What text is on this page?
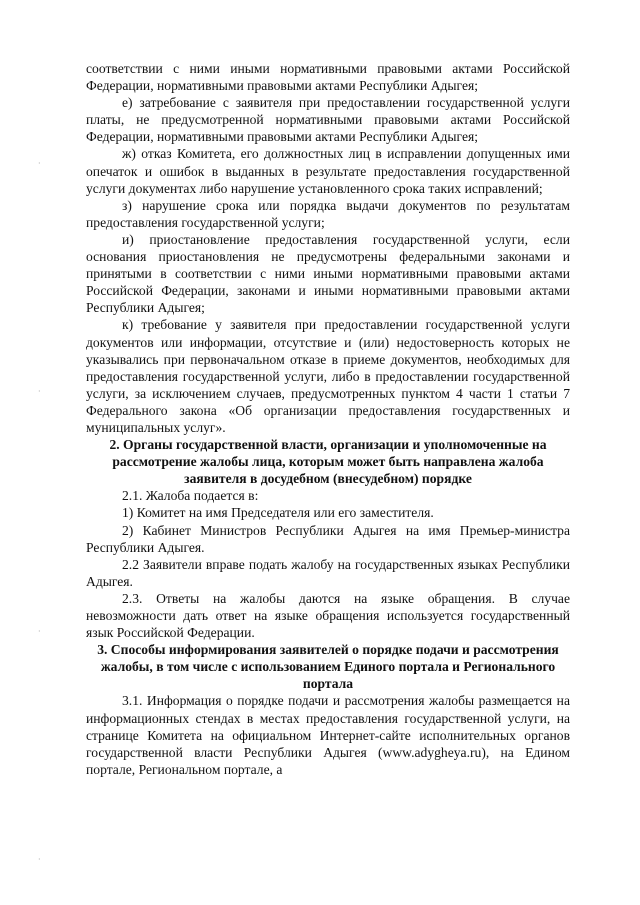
·
·
·
·

соответствии с ними иными нормативными правовыми актами Российской Федерации, нормативными правовыми актами Республики Адыгея;

е) затребование с заявителя при предоставлении государственной услуги платы, не предусмотренной нормативными правовыми актами Российской Федерации, нормативными правовыми актами Республики Адыгея;

ж) отказ Комитета, его должностных лиц в исправлении допущенных ими опечаток и ошибок в выданных в результате предоставления государственной услуги документах либо нарушение установленного срока таких исправлений;

з) нарушение срока или порядка выдачи документов по результатам предоставления государственной услуги;

и) приостановление предоставления государственной услуги, если основания приостановления не предусмотрены федеральными законами и принятыми в соответствии с ними иными нормативными правовыми актами Российской Федерации, законами и иными нормативными правовыми актами Республики Адыгея;

к) требование у заявителя при предоставлении государственной услуги документов или информации, отсутствие и (или) недостоверность которых не указывались при первоначальном отказе в приеме документов, необходимых для предоставления государственной услуги, либо в предоставлении государственной услуги, за исключением случаев, предусмотренных пунктом 4 части 1 статьи 7 Федерального закона «Об организации предоставления государственных и муниципальных услуг».

2. Органы государственной власти, организации и уполномоченные на рассмотрение жалобы лица, которым может быть направлена жалоба заявителя в досудебном (внесудебном) порядке

2.1. Жалоба подается в:

1) Комитет на имя Председателя или его заместителя.

2) Кабинет Министров Республики Адыгея на имя Премьер-министра Республики Адыгея.

2.2 Заявители вправе подать жалобу на государственных языках Республики Адыгея.

2.3. Ответы на жалобы даются на языке обращения. В случае невозможности дать ответ на языке обращения используется государственный язык Российской Федерации.

3. Способы информирования заявителей о порядке подачи и рассмотрения жалобы, в том числе с использованием Единого портала и Регионального портала

3.1. Информация о порядке подачи и рассмотрения жалобы размещается на информационных стендах в местах предоставления государственной услуги, на странице Комитета на официальном Интернет-сайте исполнительных органов государственной власти Республики Адыгея (www.adygheya.ru), на Едином портале, Региональном портале, а
